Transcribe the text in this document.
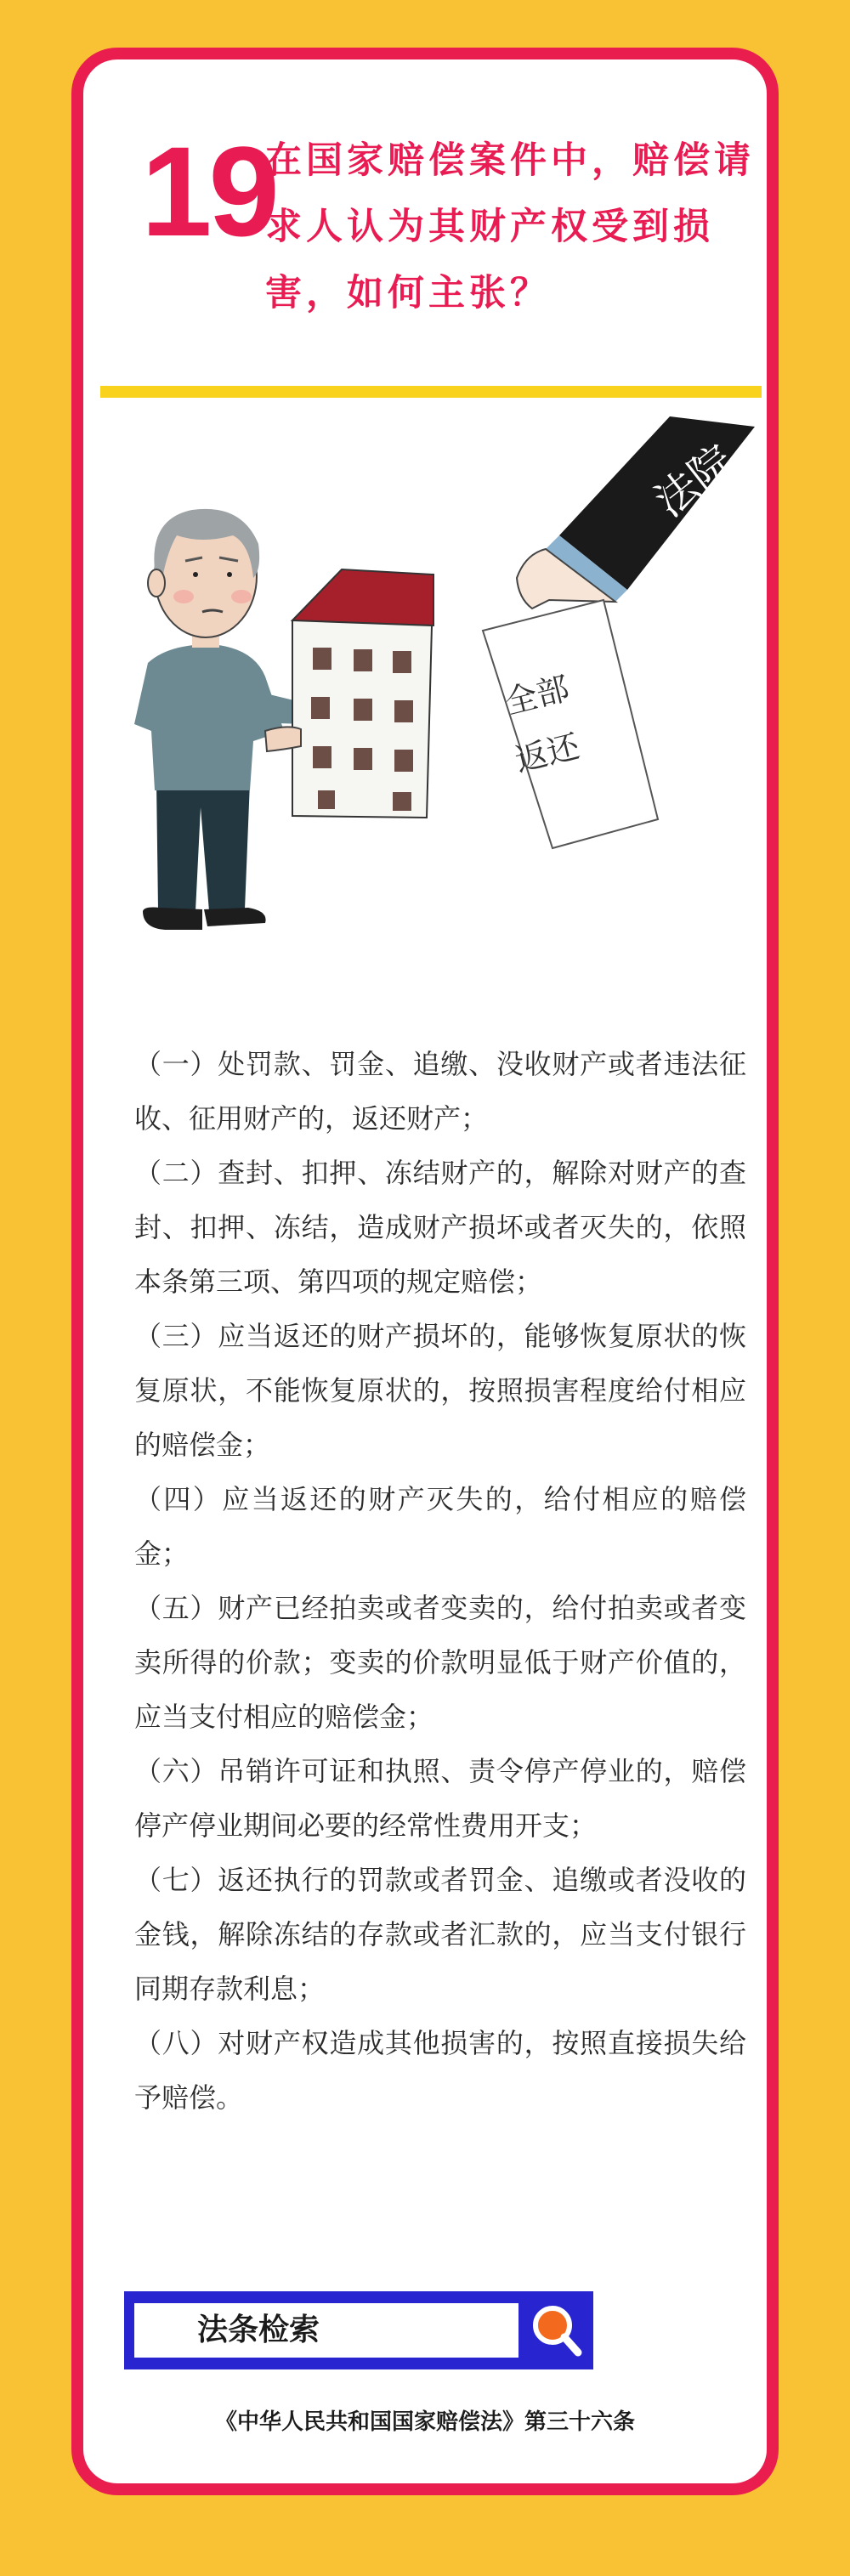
19
在国家赔偿案件中，赔偿请求人认为其财产权受到损害，如何主张？
法院
全部
返还

（一）处罚款、罚金、追缴、没收财产或者违法征收、征用财产的，返还财产；

（二）查封、扣押、冻结财产的，解除对财产的查封、扣押、冻结，造成财产损坏或者灭失的，依照本条第三项、第四项的规定赔偿；

（三）应当返还的财产损坏的，能够恢复原状的恢复原状，不能恢复原状的，按照损害程度给付相应的赔偿金；

（四）应当返还的财产灭失的，给付相应的赔偿金；

（五）财产已经拍卖或者变卖的，给付拍卖或者变卖所得的价款；变卖的价款明显低于财产价值的，应当支付相应的赔偿金；

（六）吊销许可证和执照、责令停产停业的，赔偿停产停业期间必要的经常性费用开支；

（七）返还执行的罚款或者罚金、追缴或者没收的金钱，解除冻结的存款或者汇款的，应当支付银行同期存款利息；

（八）对财产权造成其他损害的，按照直接损失给予赔偿。

法条检索
《中华人民共和国国家赔偿法》第三十六条
